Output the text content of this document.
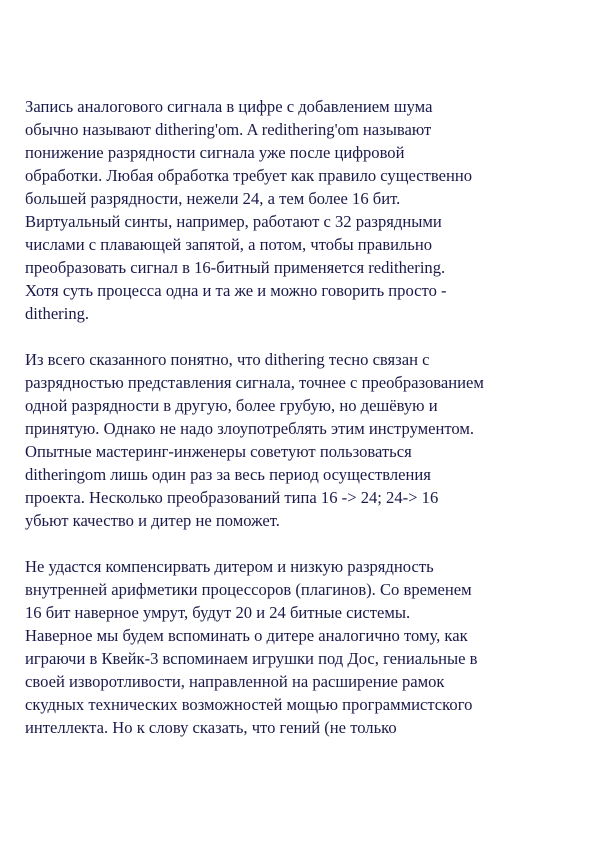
Запись аналогового сигнала в цифре с добавлением шума
обычно называют dithering'om. A redithering'om называют
понижение разрядности сигнала уже после цифровой
обработки. Любая обработка требует как правило существенно
большей разрядности, нежели 24, а тем более 16 бит.
Виртуальный синты, например, работают с 32 разрядными
числами с плавающей запятой, а потом, чтобы правильно
преобразовать сигнал в 16-битный применяется redithering.
Хотя суть процесса одна и та же и можно говорить просто -
dithering.
Из всего сказанного понятно, что dithering тесно связан с
разрядностью представления сигнала, точнее с преобразованием
одной разрядности в другую, более грубую, но дешёвую и
принятую. Однако не надо злоупотреблять этим инструментом.
Опытные мастеринг-инженеры советуют пользоваться
ditheringom лишь один раз за весь период осуществления
проекта. Несколько преобразований типа 16 -> 24; 24-> 16
убьют качество и дитер не поможет.
Не удастся компенсирвать дитером и низкую разрядность
внутренней арифметики процессоров (плагинов). Со временем
16 бит наверное умрут, будут 20 и 24 битные системы.
Наверное мы будем вспоминать о дитере аналогично тому, как
играючи в Квейк-3 вспоминаем игрушки под Дос, гениальные в
своей изворотливости, направленной на расширение рамок
скудных технических возможностей мощью программистского
интеллекта. Но к слову сказать, что гений (не только
